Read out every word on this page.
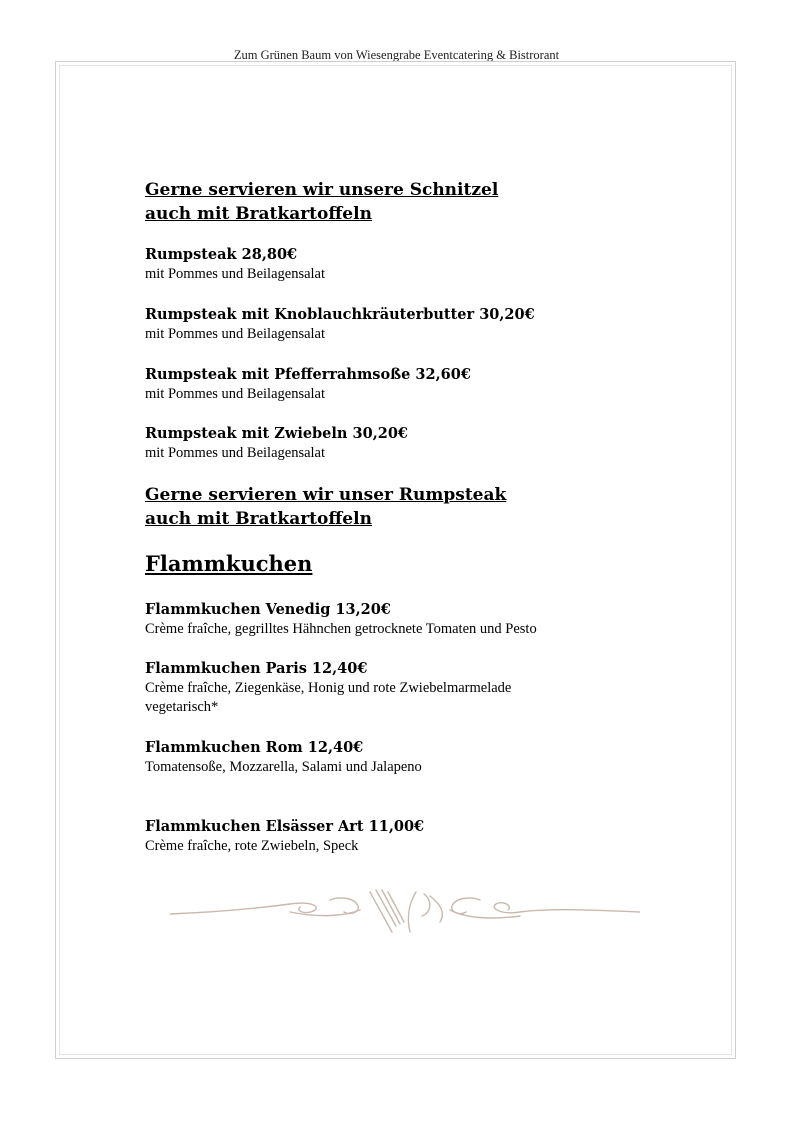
Zum Grünen Baum von Wiesengrabe Eventcatering & Bistrorant
Gerne servieren wir unsere Schnitzel
auch mit Bratkartoffeln

Rumpsteak 28,80€

mit Pommes und Beilagensalat

Rumpsteak mit Knoblauchkräuterbutter 30,20€

mit Pommes und Beilagensalat

Rumpsteak mit Pfefferrahmsoße 32,60€

mit Pommes und Beilagensalat

Rumpsteak mit Zwiebeln 30,20€

mit Pommes und Beilagensalat

Gerne servieren wir unser Rumpsteak
auch mit Bratkartoffeln
Flammkuchen

Flammkuchen Venedig 13,20€

Crème fraîche, gegrilltes Hähnchen getrocknete Tomaten und Pesto

Flammkuchen Paris 12,40€

Crème fraîche, Ziegenkäse, Honig und rote Zwiebelmarmelade
vegetarisch*

Flammkuchen Rom 12,40€

Tomatensoße, Mozzarella, Salami und Jalapeno

Flammkuchen Elsässer Art 11,00€

Crème fraîche, rote Zwiebeln, Speck
